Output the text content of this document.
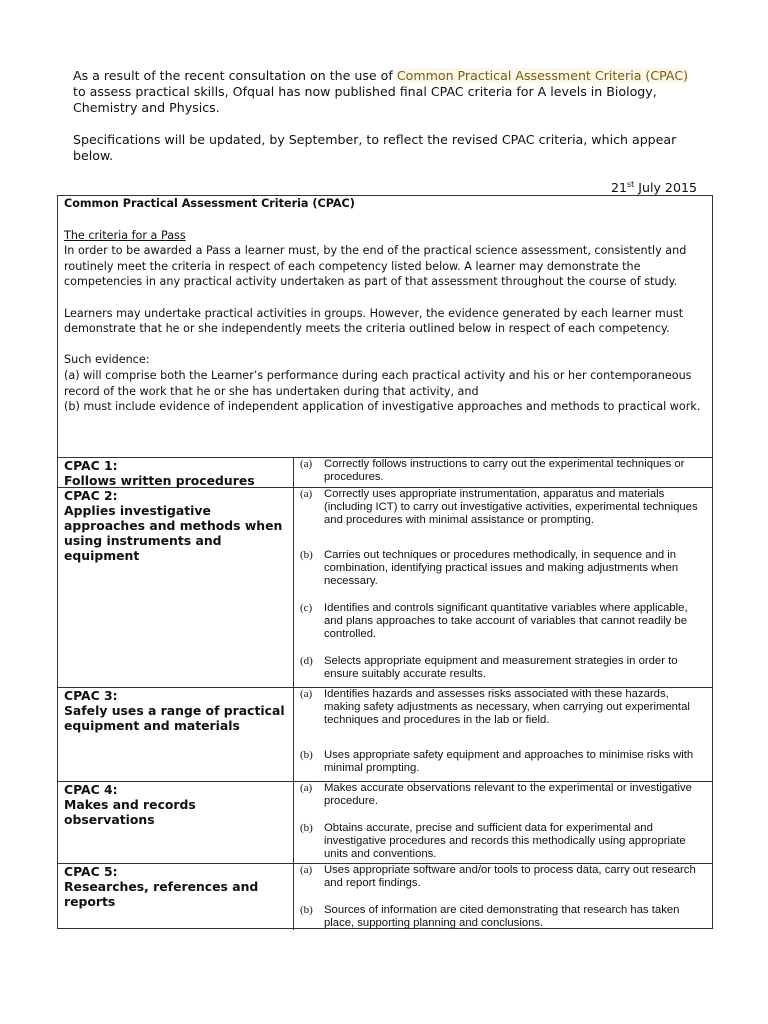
As a result of the recent consultation on the use of Common Practical Assessment Criteria (CPAC) to assess practical skills, Ofqual has now published final CPAC criteria for A levels in Biology, Chemistry and Physics.

Specifications will be updated, by September, to reflect the revised CPAC criteria, which appear below.

21st July 2015

Common Practical Assessment Criteria (CPAC)

The criteria for a Pass

In order to be awarded a Pass a learner must, by the end of the practical science assessment, consistently and routinely meet the criteria in respect of each competency listed below. A learner may demonstrate the competencies in any practical activity undertaken as part of that assessment throughout the course of study.

Learners may undertake practical activities in groups. However, the evidence generated by each learner must demonstrate that he or she independently meets the criteria outlined below in respect of each competency.

Such evidence:

(a) will comprise both the Learner’s performance during each practical activity and his or her contemporaneous record of the work that he or she has undertaken during that activity, and

(b) must include evidence of independent application of investigative approaches and methods to practical work.

CPAC 1:
Follows written procedures
(a)	Correctly follows instructions to carry out the experimental techniques or procedures.
CPAC 2:
Applies investigative approaches and methods when using instruments and equipment
(a)	Correctly uses appropriate instrumentation, apparatus and materials (including ICT) to carry out investigative activities, experimental techniques and procedures with minimal assistance or prompting.
(b) Carries out techniques or procedures methodically, in sequence and in combination, identifying practical issues and making adjustments when necessary.
(c)	Identifies and controls significant quantitative variables where applicable, and plans approaches to take account of variables that cannot readily be controlled.
(d) Selects appropriate equipment and measurement strategies in order to ensure suitably accurate results.
CPAC 3:
Safely uses a range of practical equipment and materials
(a)	Identifies hazards and assesses risks associated with these hazards, making safety adjustments as necessary, when carrying out experimental techniques and procedures in the lab or field.
(b) Uses appropriate safety equipment and approaches to minimise risks with minimal prompting.
CPAC 4:
Makes and records observations
(a)	Makes accurate observations relevant to the experimental or investigative procedure.
(b) Obtains accurate, precise and sufficient data for experimental and investigative procedures and records this methodically using appropriate units and conventions.
CPAC 5:
Researches, references and reports
(a)	Uses appropriate software and/or tools to process data, carry out research and report findings.
(b) Sources of information are cited demonstrating that research has taken place, supporting planning and conclusions.
